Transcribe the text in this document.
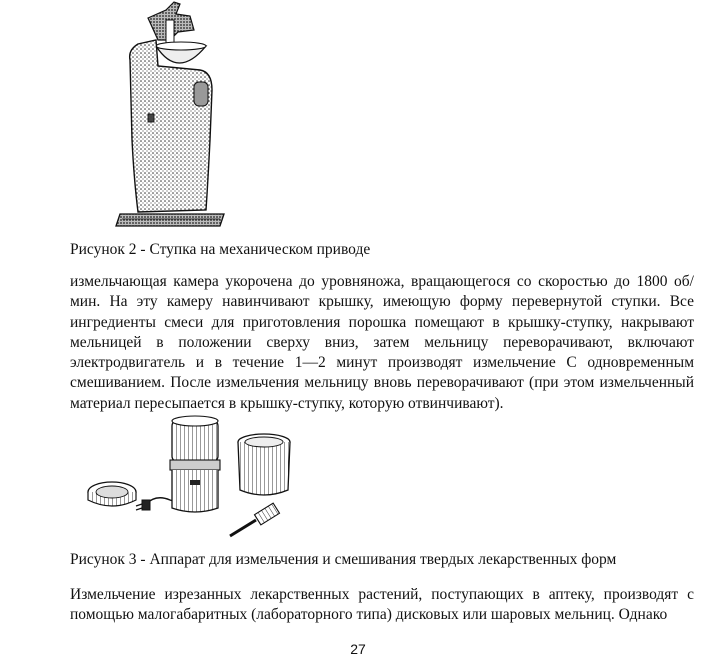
Рисунок 2 - Ступка на механическом приводе
измельчающая камера укорочена до уровняножа, вращающегося со скоростью до 1800 об/мин. На эту камеру навинчивают крышку, имеющую форму перевернутой ступки. Все ингредиенты смеси для приготовления порошка помещают в крышку-ступку, накрывают мельницей в положении сверху вниз, затем мельницу переворачивают, включают электродвигатель и в течение 1—2 минут производят измельчение С одновременным смешиванием. После измельчения мельницу вновь переворачивают (при этом измельченный материал пересыпается в крышку-ступку, которую отвинчивают).
Рисунок 3 - Аппарат для измельчения и смешивания твердых лекарственных форм
Измельчение изрезанных лекарственных растений, поступающих в аптеку, производят с помощью малогабаритных (лабораторного типа) дисковых или шаровых мельниц. Однако
27
